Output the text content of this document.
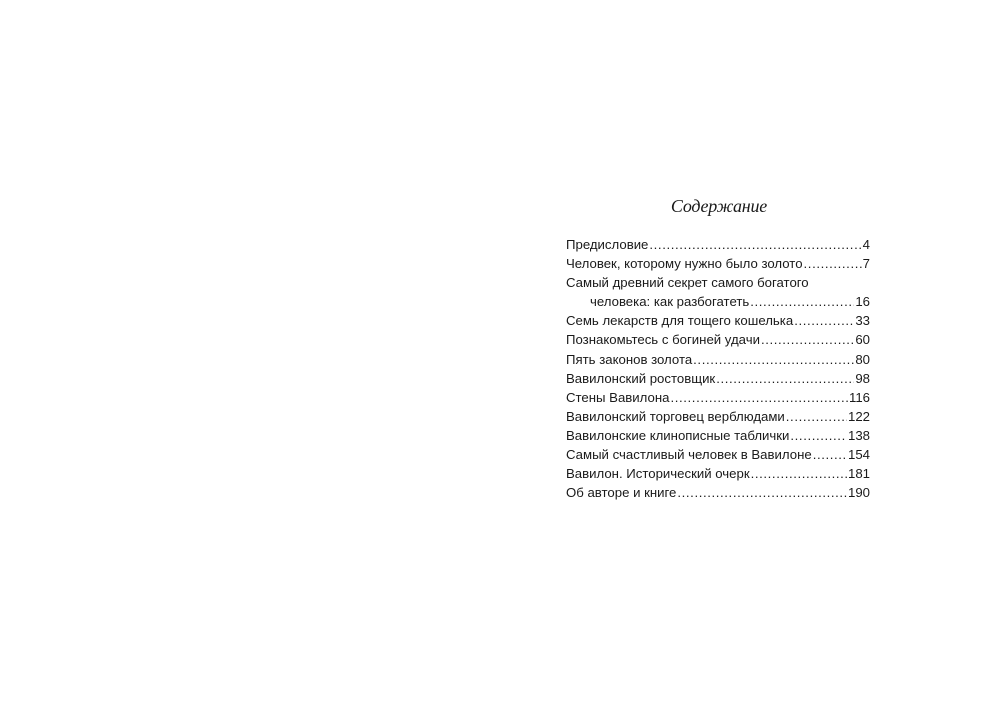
Содержание
Предисловие .....	4
Человек, которому нужно было золото .....	7
Самый древний секрет самого богатого
человека: как разбогатеть .....	16
Семь лекарств для тощего кошелька .....	33
Познакомьтесь с богиней удачи .....	60
Пять законов золота .....	80
Вавилонский ростовщик .....	98
Стены Вавилона .....	116
Вавилонский торговец верблюдами .....	122
Вавилонские клинописные таблички .....	138
Самый счастливый человек в Вавилоне .....	154
Вавилон. Исторический очерк .....	181
Об авторе и книге .....	190
